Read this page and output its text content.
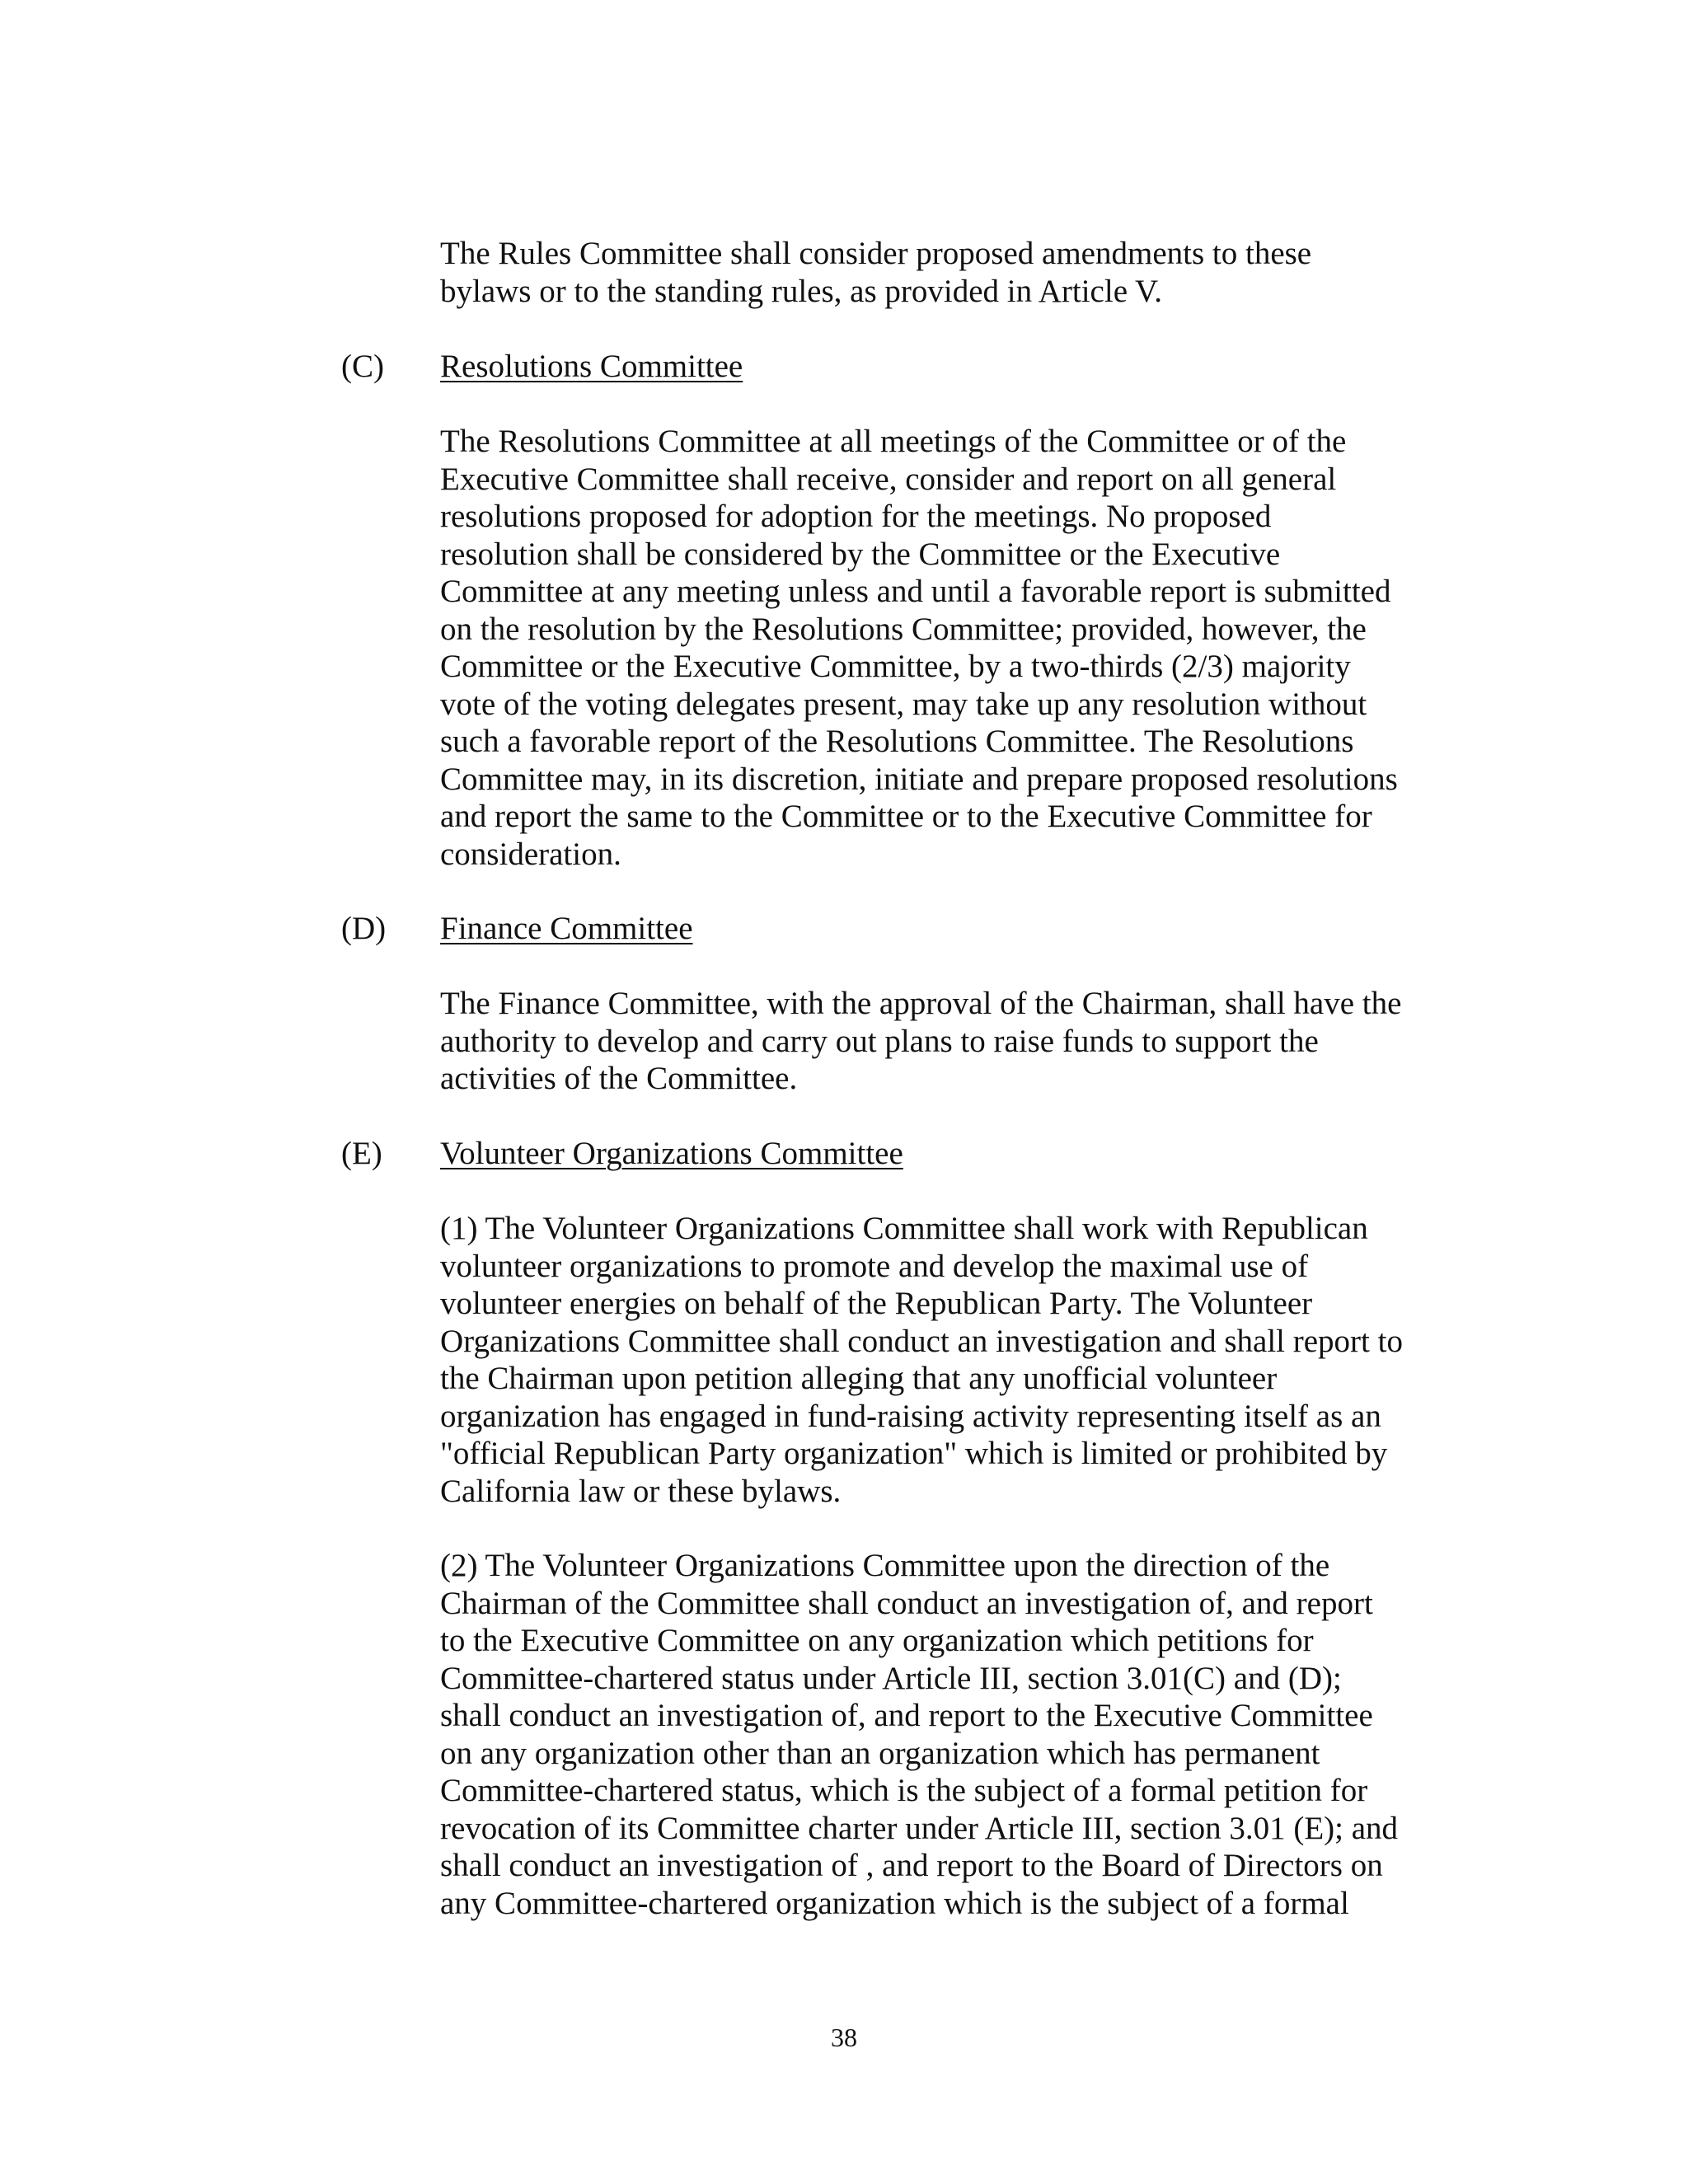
The Rules Committee shall consider proposed amendments to these
bylaws or to the standing rules, as provided in Article V.

(C) Resolutions Committee

The Resolutions Committee at all meetings of the Committee or of the
Executive Committee shall receive, consider and report on all general
resolutions proposed for adoption for the meetings. No proposed
resolution shall be considered by the Committee or the Executive
Committee at any meeting unless and until a favorable report is submitted
on the resolution by the Resolutions Committee; provided, however, the
Committee or the Executive Committee, by a two-thirds (2/3) majority
vote of the voting delegates present, may take up any resolution without
such a favorable report of the Resolutions Committee. The Resolutions
Committee may, in its discretion, initiate and prepare proposed resolutions
and report the same to the Committee or to the Executive Committee for
consideration.

(D) Finance Committee

The Finance Committee, with the approval of the Chairman, shall have the
authority to develop and carry out plans to raise funds to support the
activities of the Committee.

(E) Volunteer Organizations Committee

(1) The Volunteer Organizations Committee shall work with Republican
volunteer organizations to promote and develop the maximal use of
volunteer energies on behalf of the Republican Party. The Volunteer
Organizations Committee shall conduct an investigation and shall report to
the Chairman upon petition alleging that any unofficial volunteer
organization has engaged in fund-raising activity representing itself as an
"official Republican Party organization" which is limited or prohibited by
California law or these bylaws.

(2) The Volunteer Organizations Committee upon the direction of the
Chairman of the Committee shall conduct an investigation of, and report
to the Executive Committee on any organization which petitions for
Committee-chartered status under Article III, section 3.01(C) and (D);
shall conduct an investigation of, and report to the Executive Committee
on any organization other than an organization which has permanent
Committee-chartered status, which is the subject of a formal petition for
revocation of its Committee charter under Article III, section 3.01 (E); and
shall conduct an investigation of , and report to the Board of Directors on
any Committee-chartered organization which is the subject of a formal

38
